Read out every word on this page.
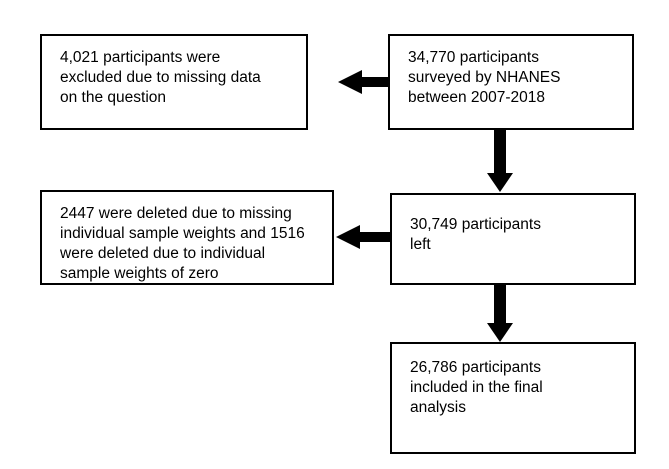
4,021 participants were
excluded due to missing data
on the question
34,770 participants
surveyed by NHANES
between 2007-2018
2447 were deleted due to missing
individual sample weights and 1516
were deleted due to individual
sample weights of zero
30,749 participants
left
26,786 participants
included in the final
analysis
